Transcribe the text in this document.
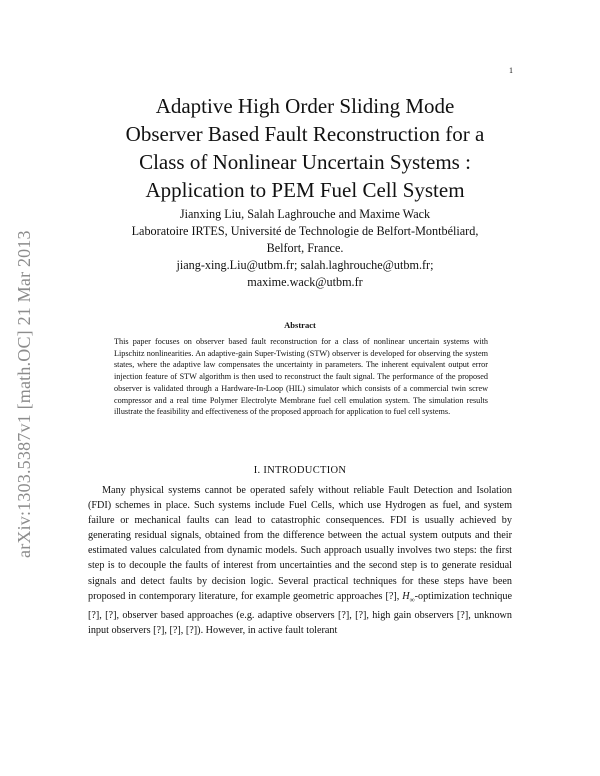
arXiv:1303.5387v1 [math.OC] 21 Mar 2013
1
Adaptive High Order Sliding Mode
Observer Based Fault Reconstruction for a
Class of Nonlinear Uncertain Systems :
Application to PEM Fuel Cell System
Jianxing Liu, Salah Laghrouche and Maxime Wack
Laboratoire IRTES, Université de Technologie de Belfort-Montbéliard,
Belfort, France.
jiang-xing.Liu@utbm.fr; salah.laghrouche@utbm.fr;
maxime.wack@utbm.fr
Abstract
This paper focuses on observer based fault reconstruction for a class of nonlinear uncertain systems with Lipschitz nonlinearities. An adaptive-gain Super-Twisting (STW) observer is developed for observing the system states, where the adaptive law compensates the uncertainty in parameters. The inherent equivalent output error injection feature of STW algorithm is then used to reconstruct the fault signal. The performance of the proposed observer is validated through a Hardware-In-Loop (HIL) simulator which consists of a commercial twin screw compressor and a real time Polymer Electrolyte Membrane fuel cell emulation system. The simulation results illustrate the feasibility and effectiveness of the proposed approach for application to fuel cell systems.
I. INTRODUCTION

Many physical systems cannot be operated safely without reliable Fault Detection and Isolation (FDI) schemes in place. Such systems include Fuel Cells, which use Hydrogen as fuel, and system failure or mechanical faults can lead to catastrophic consequences. FDI is usually achieved by generating residual signals, obtained from the difference between the actual system outputs and their estimated values calculated from dynamic models. Such approach usually involves two steps: the first step is to decouple the faults of interest from uncertainties and the second step is to generate residual signals and detect faults by decision logic. Several practical techniques for these steps have been proposed in contemporary literature, for example geometric approaches [?], $H_\infty$-optimization technique [?], [?], observer based approaches (e.g. adaptive observers [?], [?], high gain observers [?], unknown input observers [?], [?], [?]). However, in active fault tolerant
